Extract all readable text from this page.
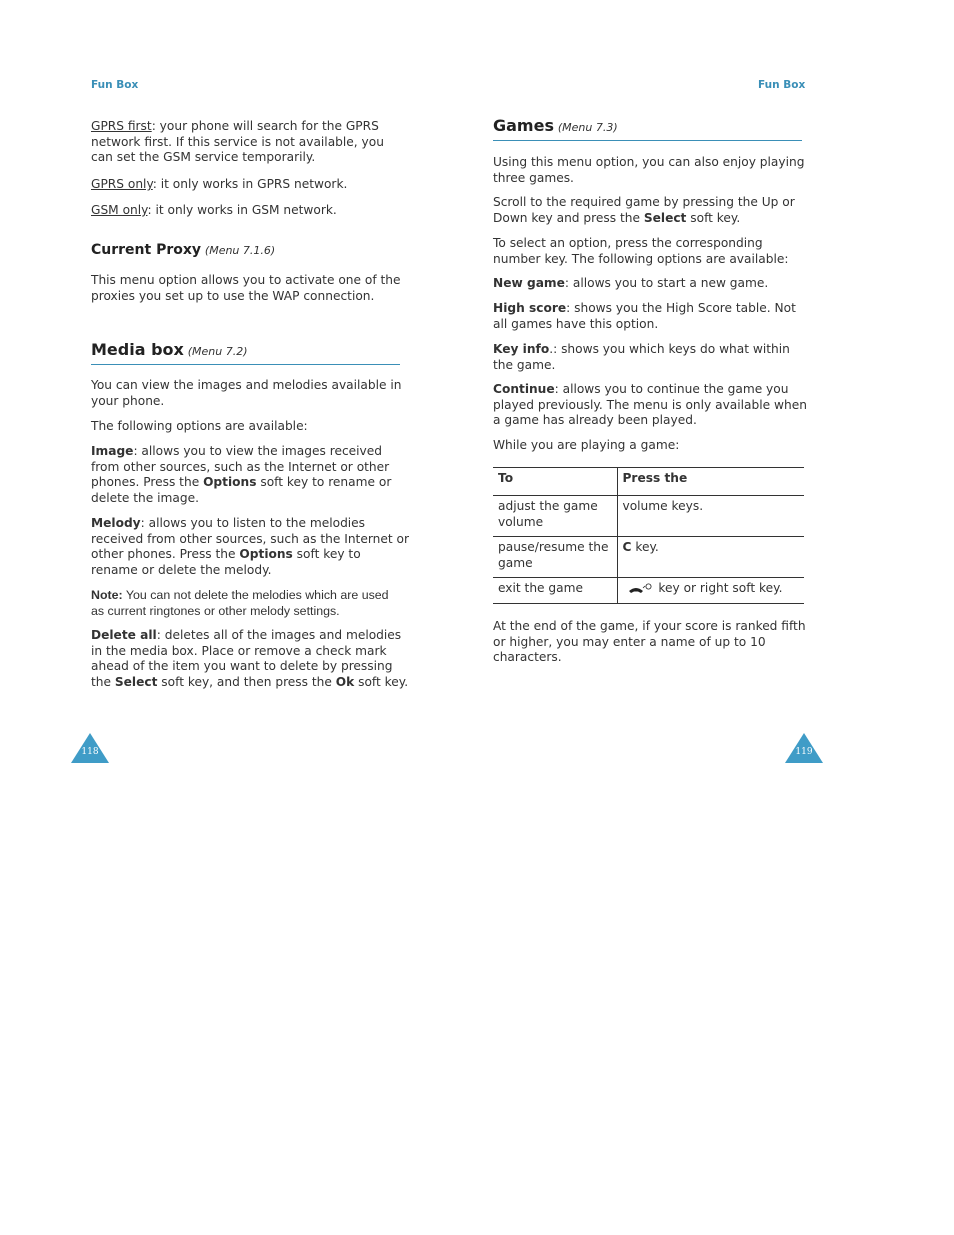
Fun Box	Fun Box

GPRS first: your phone will search for the GPRS
network first. If this service is not available, you
can set the GSM service temporarily.

GPRS only: it only works in GPRS network.

GSM only: it only works in GSM network.

Current Proxy (Menu 7.1.6)

This menu option allows you to activate one of the
proxies you set up to use the WAP connection.

Media box (Menu 7.2)

You can view the images and melodies available in
your phone.

The following options are available:

Image: allows you to view the images received
from other sources, such as the Internet or other
phones. Press the Options soft key to rename or
delete the image.

Melody: allows you to listen to the melodies
received from other sources, such as the Internet or
other phones. Press the Options soft key to
rename or delete the melody.

Note: You can not delete the melodies which are used
as current ringtones or other melody settings.

Delete all: deletes all of the images and melodies
in the media box. Place or remove a check mark
ahead of the item you want to delete by pressing
the Select soft key, and then press the Ok soft key.

118
Games (Menu 7.3)

Using this menu option, you can also enjoy playing
three games.

Scroll to the required game by pressing the Up or
Down key and press the Select soft key.

To select an option, press the corresponding
number key. The following options are available:

New game: allows you to start a new game.

High score: shows you the High Score table. Not
all games have this option.

Key info.: shows you which keys do what within
the game.

Continue: allows you to continue the game you
played previously. The menu is only available when
a game has already been played.

While you are playing a game:

To	Press the
adjust the game
volume	volume keys.
pause/resume the
game	C key.
exit the game	key or right soft key.

At the end of the game, if your score is ranked fifth
or higher, you may enter a name of up to 10
characters.

119
